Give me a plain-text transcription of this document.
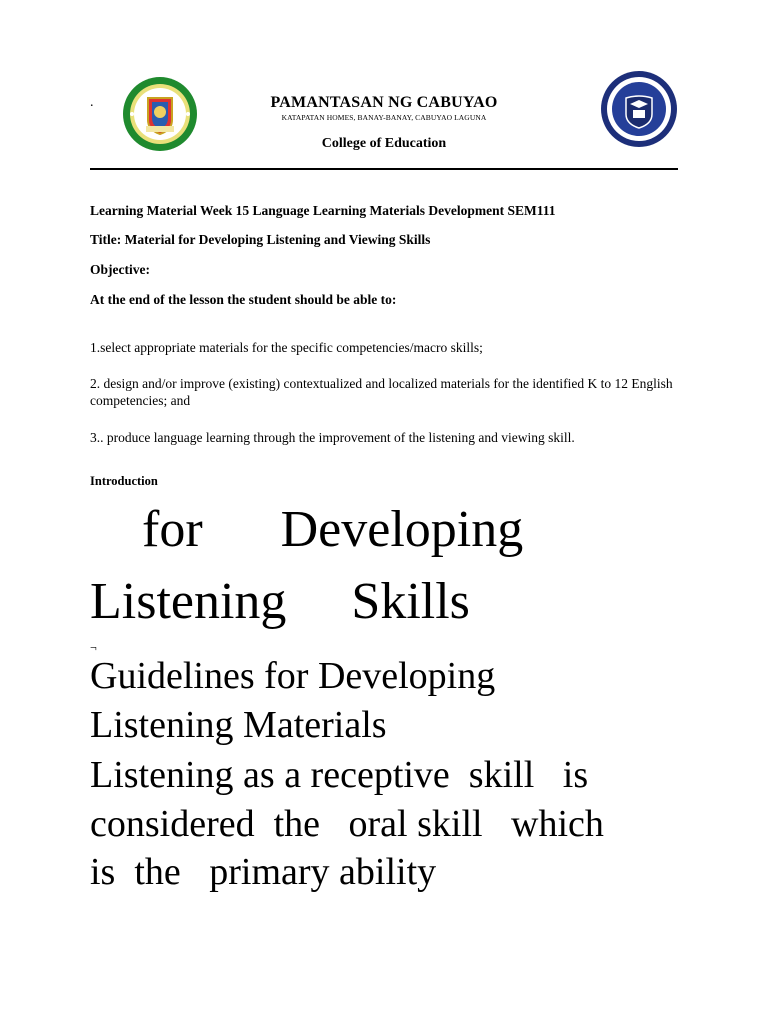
.	PAMANTASAN NG CABUYAO
KATAPATAN HOMES, BANAY-BANAY, CABUYAO LAGUNA
College of Education
Learning Material Week 15 Language Learning Materials Development SEM111
Title: Material for Developing Listening and Viewing Skills
Objective:
At the end of the lesson the student should be able to:
1.select appropriate materials for the specific competencies/macro skills;
2. design and/or improve (existing) contextualized and localized materials for the identified K to 12 English competencies; and
3.. produce language learning through the improvement of the listening and viewing skill.
Introduction
for      Developing
Listening     Skills
¬
Guidelines for Developing
Listening Materials
Listening as a receptive  skill   is
considered  the   oral skill   which
is  the   primary ability
